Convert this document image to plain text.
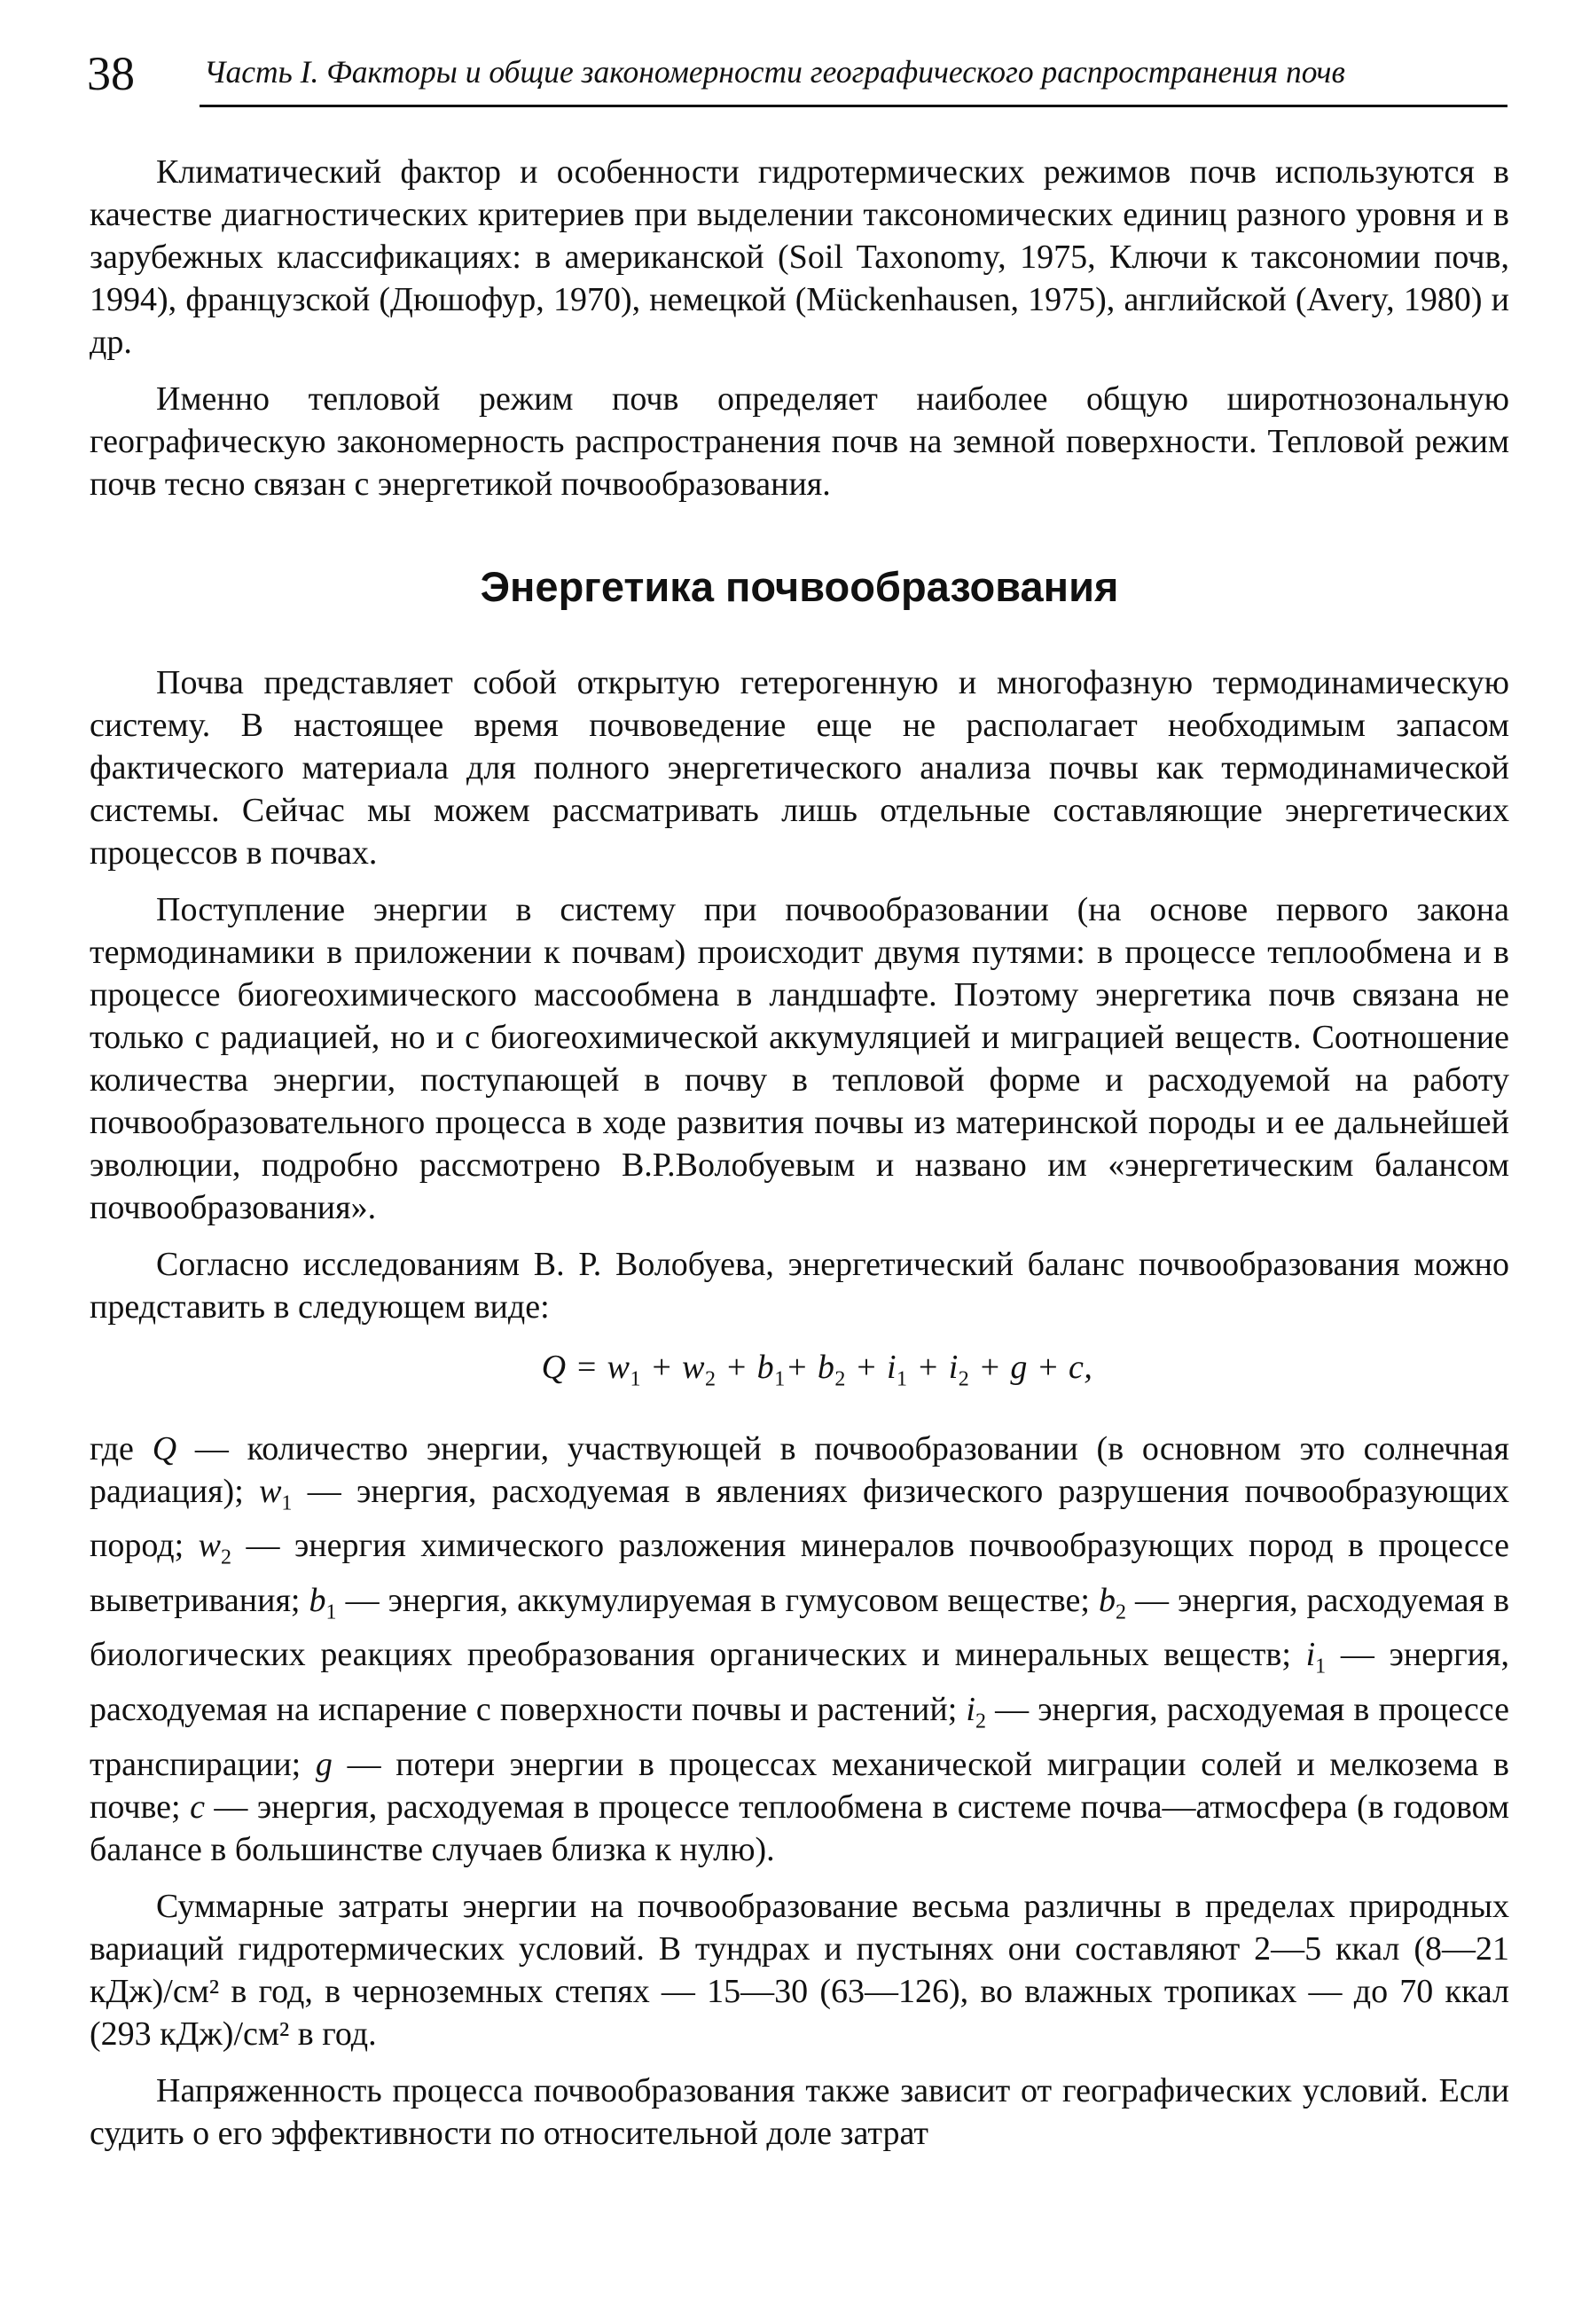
38 Часть I. Факторы и общие закономерности географического распространения почв

Климатический фактор и особенности гидротермических режимов почв используются в качестве диагностических критериев при выделении таксономических единиц разного уровня и в зарубежных классификациях: в американской (Soil Taxonomy, 1975, Ключи к таксономии почв, 1994), французской (Дюшофур, 1970), немецкой (Mückenhausen, 1975), английской (Avery, 1980) и др.

Именно тепловой режим почв определяет наиболее общую широтнозональную географическую закономерность распространения почв на земной поверхности. Тепловой режим почв тесно связан с энергетикой почвообразования.

Энергетика почвообразования

Почва представляет собой открытую гетерогенную и многофазную термодинамическую систему. В настоящее время почвоведение еще не располагает необходимым запасом фактического материала для полного энергетического анализа почвы как термодинамической системы. Сейчас мы можем рассматривать лишь отдельные составляющие энергетических процессов в почвах.

Поступление энергии в систему при почвообразовании (на основе первого закона термодинамики в приложении к почвам) происходит двумя путями: в процессе теплообмена и в процессе биогеохимического массообмена в ландшафте. Поэтому энергетика почв связана не только с радиацией, но и с биогеохимической аккумуляцией и миграцией веществ. Соотношение количества энергии, поступающей в почву в тепловой форме и расходуемой на работу почвообразовательного процесса в ходе развития почвы из материнской породы и ее дальнейшей эволюции, подробно рассмотрено В.Р.Волобуевым и названо им «энергетическим балансом почвообразования».

Согласно исследованиям В. Р. Волобуева, энергетический баланс почвообразования можно представить в следующем виде:

$Q = w_1 + w_2 + b_1+ b_2 + i_1 + i_2 + g + c$,

где Q — количество энергии, участвующей в почвообразовании (в основном это солнечная радиация); $w_1$ — энергия, расходуемая в явлениях физического разрушения почвообразующих пород; $w_2$ — энергия химического разложения минералов почвообразующих пород в процессе выветривания; $b_1$ — энергия, аккумулируемая в гумусовом веществе; $b_2$ — энергия, расходуемая в биологических реакциях преобразования органических и минеральных веществ; $i_1$ — энергия, расходуемая на испарение с поверхности почвы и растений; $i_2$ — энергия, расходуемая в процессе транспирации; g — потери энергии в процессах механической миграции солей и мелкозема в почве; c — энергия, расходуемая в процессе теплообмена в системе почва—атмосфера (в годовом балансе в большинстве случаев близка к нулю).

Суммарные затраты энергии на почвообразование весьма различны в пределах природных вариаций гидротермических условий. В тундрах и пустынях они составляют 2—5 ккал (8—21 кДж)/см² в год, в черноземных степях — 15—30 (63—126), во влажных тропиках — до 70 ккал (293 кДж)/см² в год.

Напряженность процесса почвообразования также зависит от географических условий. Если судить о его эффективности по относительной доле затрат
